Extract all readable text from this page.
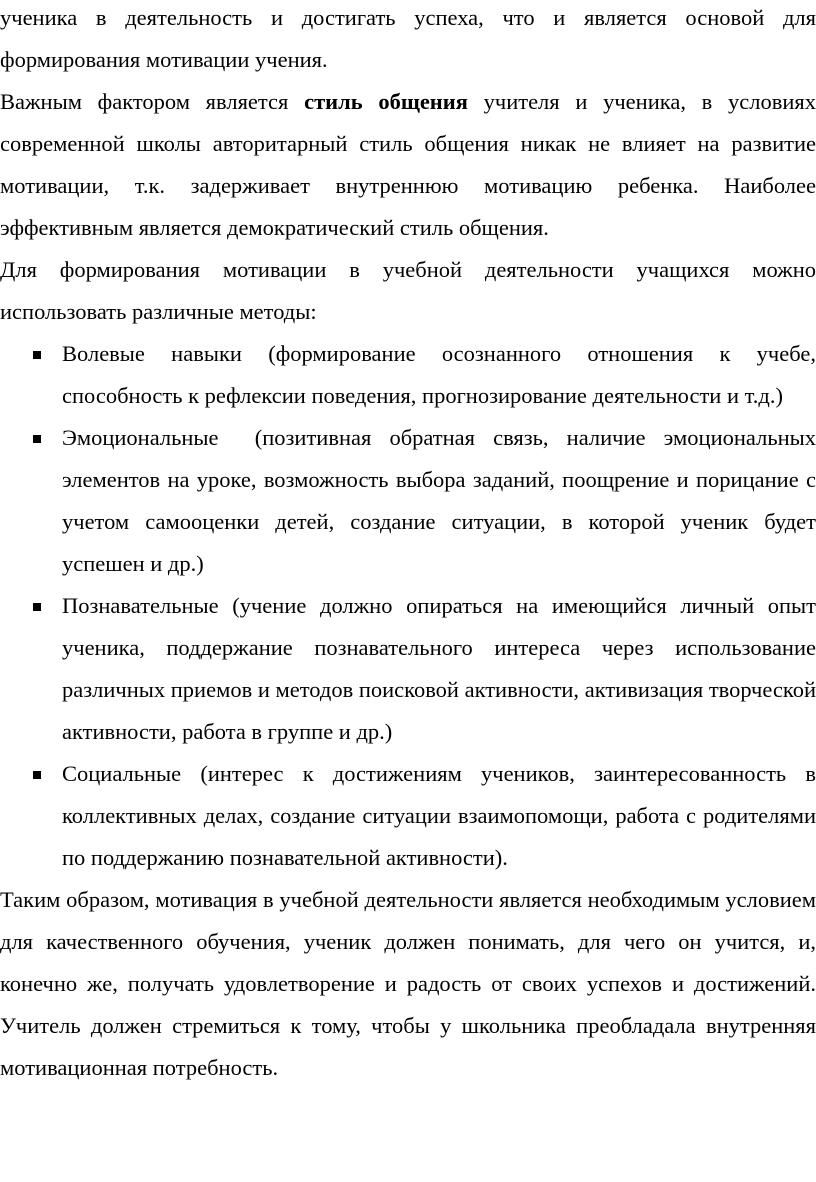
ученика в деятельность и достигать успеха, что и является основой для формирования мотивации учения.

Важным фактором является стиль общения учителя и ученика, в условиях современной школы авторитарный стиль общения никак не влияет на развитие мотивации, т.к. задерживает внутреннюю мотивацию ребенка. Наиболее эффективным является демократический стиль общения.

Для формирования мотивации в учебной деятельности учащихся можно использовать различные методы:

Волевые навыки (формирование осознанного отношения к учебе, способность к рефлексии поведения, прогнозирование деятельности и т.д.)
Эмоциональные  (позитивная обратная связь, наличие эмоциональных элементов на уроке, возможность выбора заданий, поощрение и порицание с учетом самооценки детей, создание ситуации, в которой ученик будет успешен и др.)
Познавательные (учение должно опираться на имеющийся личный опыт ученика, поддержание познавательного интереса через использование различных приемов и методов поисковой активности, активизация творческой активности, работа в группе и др.)
Социальные (интерес к достижениям учеников, заинтересованность в коллективных делах, создание ситуации взаимопомощи, работа с родителями по поддержанию познавательной активности).

Таким образом, мотивация в учебной деятельности является необходимым условием для качественного обучения, ученик должен понимать, для чего он учится, и, конечно же, получать удовлетворение и радость от своих успехов и достижений. Учитель должен стремиться к тому, чтобы у школьника преобладала внутренняя мотивационная потребность.
